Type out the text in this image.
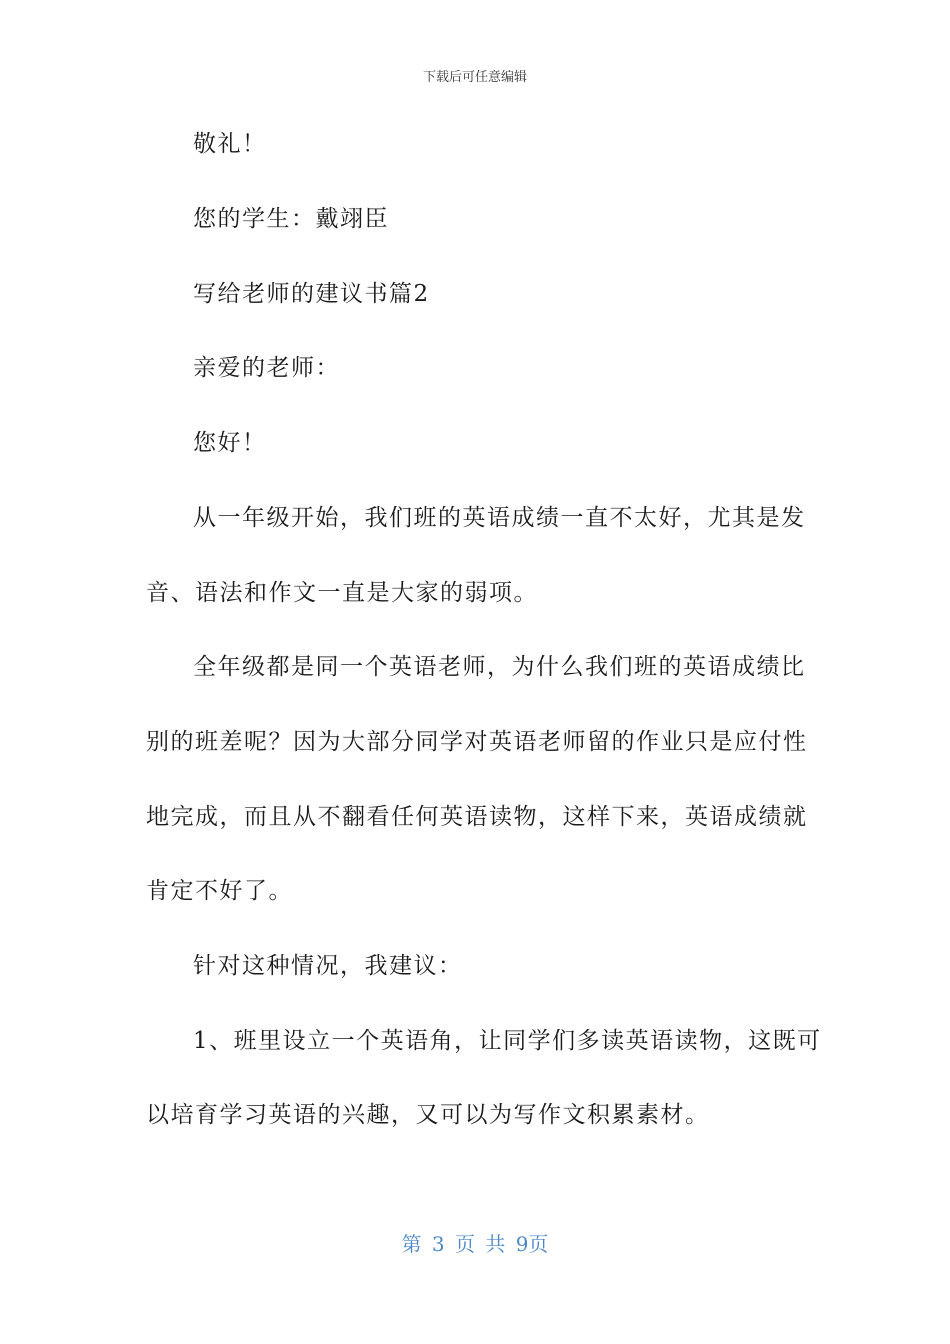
下载后可任意编辑
敬礼！
您的学生：戴翊臣
写给老师的建议书篇2
亲爱的老师：
您好！
从一年级开始，我们班的英语成绩一直不太好，尤其是发
音、语法和作文一直是大家的弱项。
全年级都是同一个英语老师，为什么我们班的英语成绩比
别的班差呢？因为大部分同学对英语老师留的作业只是应付性
地完成，而且从不翻看任何英语读物，这样下来，英语成绩就
肯定不好了。
针对这种情况，我建议：
1、班里设立一个英语角，让同学们多读英语读物，这既可
以培育学习英语的兴趣，又可以为写作文积累素材。
第 3 页 共 9页
